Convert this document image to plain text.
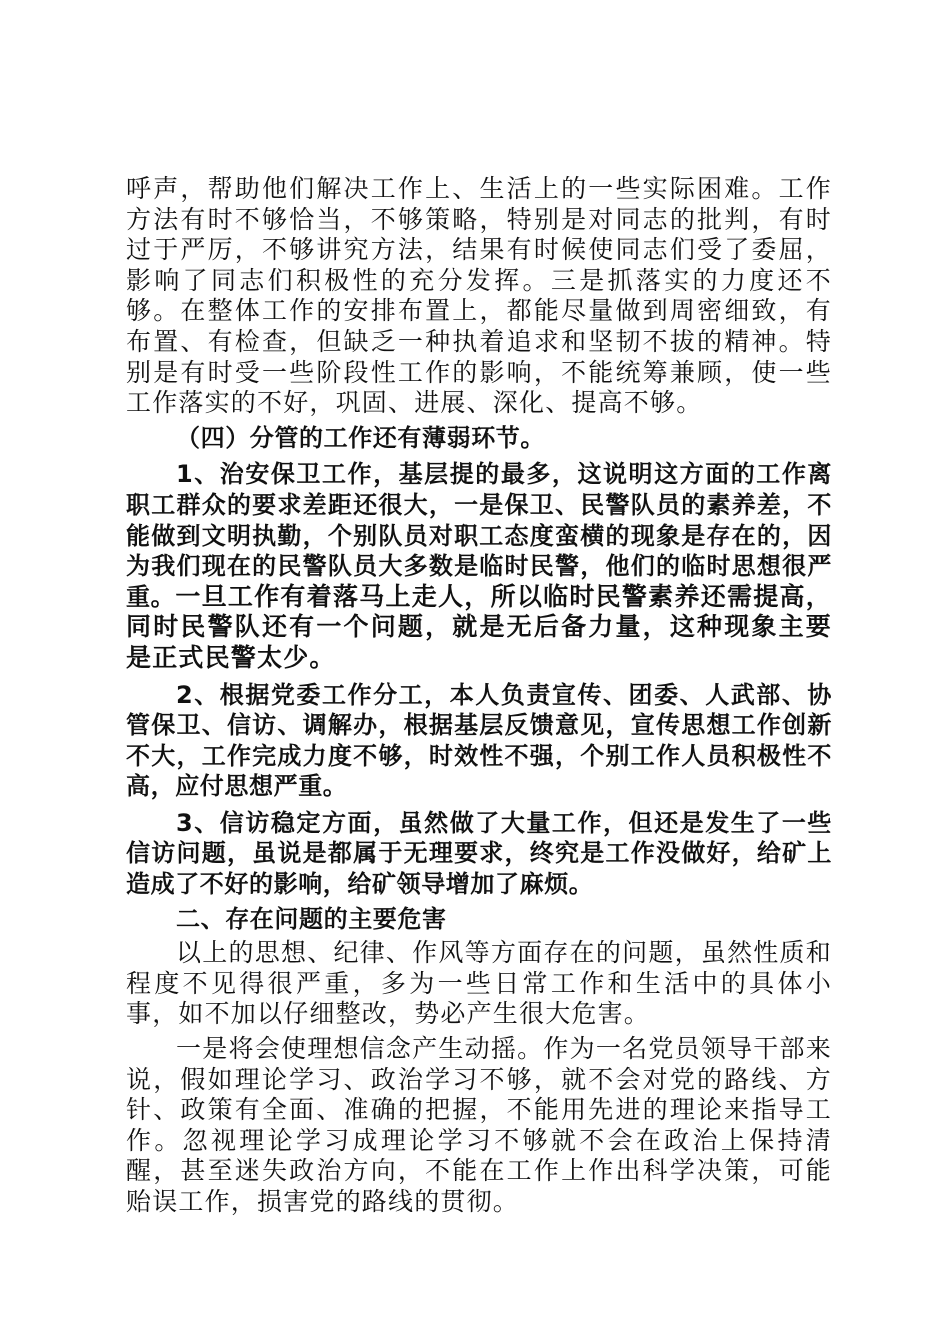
呼声，帮助他们解决工作上、生活上的一些实际困难。工作方法有时不够恰当，不够策略，特别是对同志的批判，有时过于严厉，不够讲究方法，结果有时候使同志们受了委屈，影响了同志们积极性的充分发挥。三是抓落实的力度还不够。在整体工作的安排布置上，都能尽量做到周密细致，有布置、有检查，但缺乏一种执着追求和坚韧不拔的精神。特别是有时受一些阶段性工作的影响，不能统筹兼顾，使一些工作落实的不好，巩固、进展、深化、提高不够。

（四）分管的工作还有薄弱环节。

1、治安保卫工作，基层提的最多，这说明这方面的工作离职工群众的要求差距还很大，一是保卫、民警队员的素养差，不能做到文明执勤，个别队员对职工态度蛮横的现象是存在的，因为我们现在的民警队员大多数是临时民警，他们的临时思想很严重。一旦工作有着落马上走人，所以临时民警素养还需提高，同时民警队还有一个问题，就是无后备力量，这种现象主要是正式民警太少。

2、根据党委工作分工，本人负责宣传、团委、人武部、协管保卫、信访、调解办，根据基层反馈意见，宣传思想工作创新不大，工作完成力度不够，时效性不强，个别工作人员积极性不高，应付思想严重。

3、信访稳定方面，虽然做了大量工作，但还是发生了一些信访问题，虽说是都属于无理要求，终究是工作没做好，给矿上造成了不好的影响，给矿领导增加了麻烦。

二、存在问题的主要危害

以上的思想、纪律、作风等方面存在的问题，虽然性质和程度不见得很严重，多为一些日常工作和生活中的具体小事，如不加以仔细整改，势必产生很大危害。

一是将会使理想信念产生动摇。作为一名党员领导干部来说，假如理论学习、政治学习不够，就不会对党的路线、方针、政策有全面、准确的把握，不能用先进的理论来指导工作。忽视理论学习成理论学习不够就不会在政治上保持清醒，甚至迷失政治方向，不能在工作上作出科学决策，可能贻误工作，损害党的路线的贯彻。
